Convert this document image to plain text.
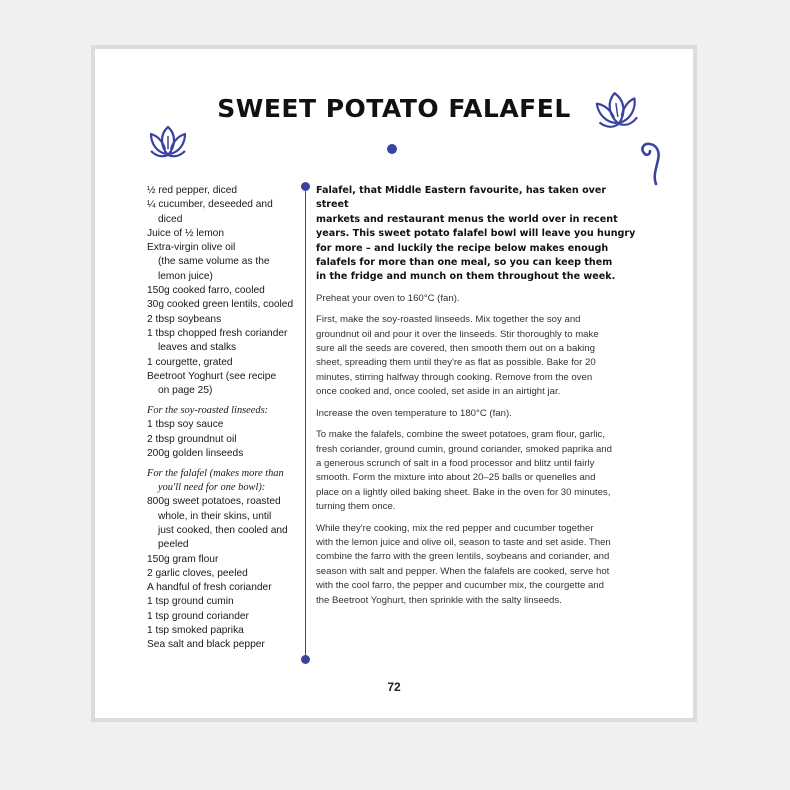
SWEET POTATO FALAFEL
½ red pepper, diced
¼ cucumber, deseeded and
diced
Juice of ½ lemon
Extra-virgin olive oil
(the same volume as the
lemon juice)
150g cooked farro, cooled
30g cooked green lentils, cooled
2 tbsp soybeans
1 tbsp chopped fresh coriander
leaves and stalks
1 courgette, grated
Beetroot Yoghurt (see recipe
on page 25)
For the soy-roasted linseeds:
1 tbsp soy sauce
2 tbsp groundnut oil
200g golden linseeds
For the falafel (makes more than
you'll need for one bowl):
800g sweet potatoes, roasted
whole, in their skins, until
just cooked, then cooled and
peeled
150g gram flour
2 garlic cloves, peeled
A handful of fresh coriander
1 tsp ground cumin
1 tsp ground coriander
1 tsp smoked paprika
Sea salt and black pepper
Falafel, that Middle Eastern favourite, has taken over street
markets and restaurant menus the world over in recent
years. This sweet potato falafel bowl will leave you hungry
for more – and luckily the recipe below makes enough
falafels for more than one meal, so you can keep them
in the fridge and munch on them throughout the week.
Preheat your oven to 160°C (fan).
First, make the soy-roasted linseeds. Mix together the soy and
groundnut oil and pour it over the linseeds. Stir thoroughly to make
sure all the seeds are covered, then smooth them out on a baking
sheet, spreading them until they're as flat as possible. Bake for 20
minutes, stirring halfway through cooking. Remove from the oven
once cooked and, once cooled, set aside in an airtight jar.
Increase the oven temperature to 180°C (fan).
To make the falafels, combine the sweet potatoes, gram flour, garlic,
fresh coriander, ground cumin, ground coriander, smoked paprika and
a generous scrunch of salt in a food processor and blitz until fairly
smooth. Form the mixture into about 20–25 balls or quenelles and
place on a lightly oiled baking sheet. Bake in the oven for 30 minutes,
turning them once.
While they're cooking, mix the red pepper and cucumber together
with the lemon juice and olive oil, season to taste and set aside. Then
combine the farro with the green lentils, soybeans and coriander, and
season with salt and pepper. When the falafels are cooked, serve hot
with the cool farro, the pepper and cucumber mix, the courgette and
the Beetroot Yoghurt, then sprinkle with the salty linseeds.
72
